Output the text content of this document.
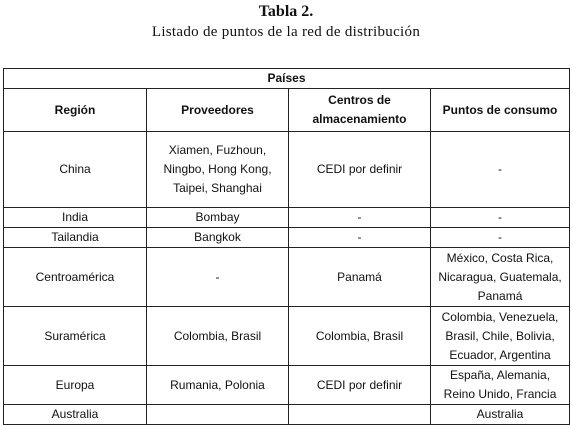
Tabla 2.
Listado de puntos de la red de distribución
Países			
Región	Proveedores	Centros de almacenamiento	Puntos de consumo
China	Xiamen, Fuzhoun,
Ningbo, Hong Kong,
Taipei, Shanghai	CEDI por definir	-
India	Bombay	-	-
Tailandia	Bangkok	-	-
Centroamérica	-	Panamá	México, Costa Rica,
Nicaragua, Guatemala,
Panamá
Suramérica	Colombia, Brasil	Colombia, Brasil	Colombia, Venezuela,
Brasil, Chile, Bolivia,
Ecuador, Argentina
Europa	Rumania, Polonia	CEDI por definir	España, Alemania,
Reino Unido, Francia
Australia			Australia
